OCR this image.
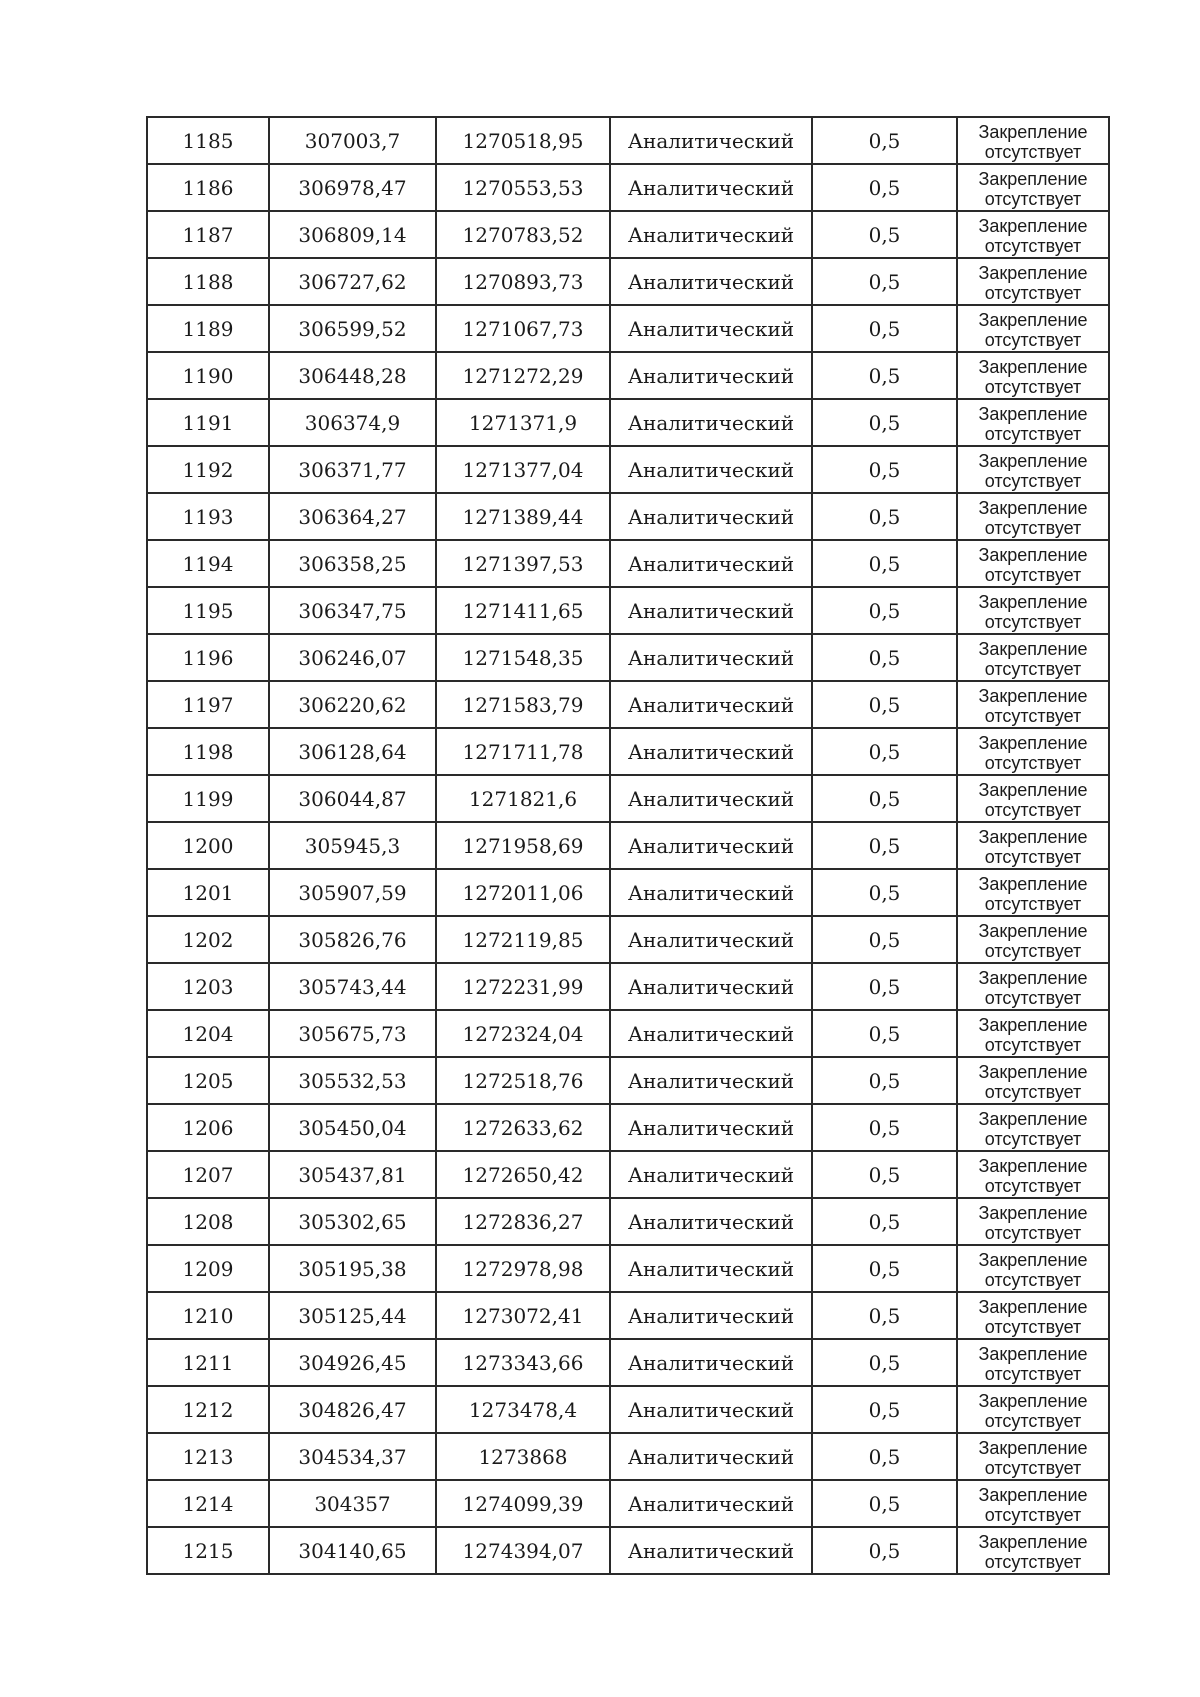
1185	307003,7	1270518,95	Аналитический	0,5	Закрепление
отсутствует

1186	306978,47	1270553,53	Аналитический	0,5	Закрепление
отсутствует

1187	306809,14	1270783,52	Аналитический	0,5	Закрепление
отсутствует

1188	306727,62	1270893,73	Аналитический	0,5	Закрепление
отсутствует

1189	306599,52	1271067,73	Аналитический	0,5	Закрепление
отсутствует

1190	306448,28	1271272,29	Аналитический	0,5	Закрепление
отсутствует

1191	306374,9	1271371,9	Аналитический	0,5	Закрепление
отсутствует

1192	306371,77	1271377,04	Аналитический	0,5	Закрепление
отсутствует

1193	306364,27	1271389,44	Аналитический	0,5	Закрепление
отсутствует

1194	306358,25	1271397,53	Аналитический	0,5	Закрепление
отсутствует

1195	306347,75	1271411,65	Аналитический	0,5	Закрепление
отсутствует

1196	306246,07	1271548,35	Аналитический	0,5	Закрепление
отсутствует

1197	306220,62	1271583,79	Аналитический	0,5	Закрепление
отсутствует

1198	306128,64	1271711,78	Аналитический	0,5	Закрепление
отсутствует

1199	306044,87	1271821,6	Аналитический	0,5	Закрепление
отсутствует

1200	305945,3	1271958,69	Аналитический	0,5	Закрепление
отсутствует

1201	305907,59	1272011,06	Аналитический	0,5	Закрепление
отсутствует

1202	305826,76	1272119,85	Аналитический	0,5	Закрепление
отсутствует

1203	305743,44	1272231,99	Аналитический	0,5	Закрепление
отсутствует

1204	305675,73	1272324,04	Аналитический	0,5	Закрепление
отсутствует

1205	305532,53	1272518,76	Аналитический	0,5	Закрепление
отсутствует

1206	305450,04	1272633,62	Аналитический	0,5	Закрепление
отсутствует

1207	305437,81	1272650,42	Аналитический	0,5	Закрепление
отсутствует

1208	305302,65	1272836,27	Аналитический	0,5	Закрепление
отсутствует

1209	305195,38	1272978,98	Аналитический	0,5	Закрепление
отсутствует

1210	305125,44	1273072,41	Аналитический	0,5	Закрепление
отсутствует

1211	304926,45	1273343,66	Аналитический	0,5	Закрепление
отсутствует

1212	304826,47	1273478,4	Аналитический	0,5	Закрепление
отсутствует

1213	304534,37	1273868	Аналитический	0,5	Закрепление
отсутствует

1214	304357	1274099,39	Аналитический	0,5	Закрепление
отсутствует

1215	304140,65	1274394,07	Аналитический	0,5	Закрепление
отсутствует
